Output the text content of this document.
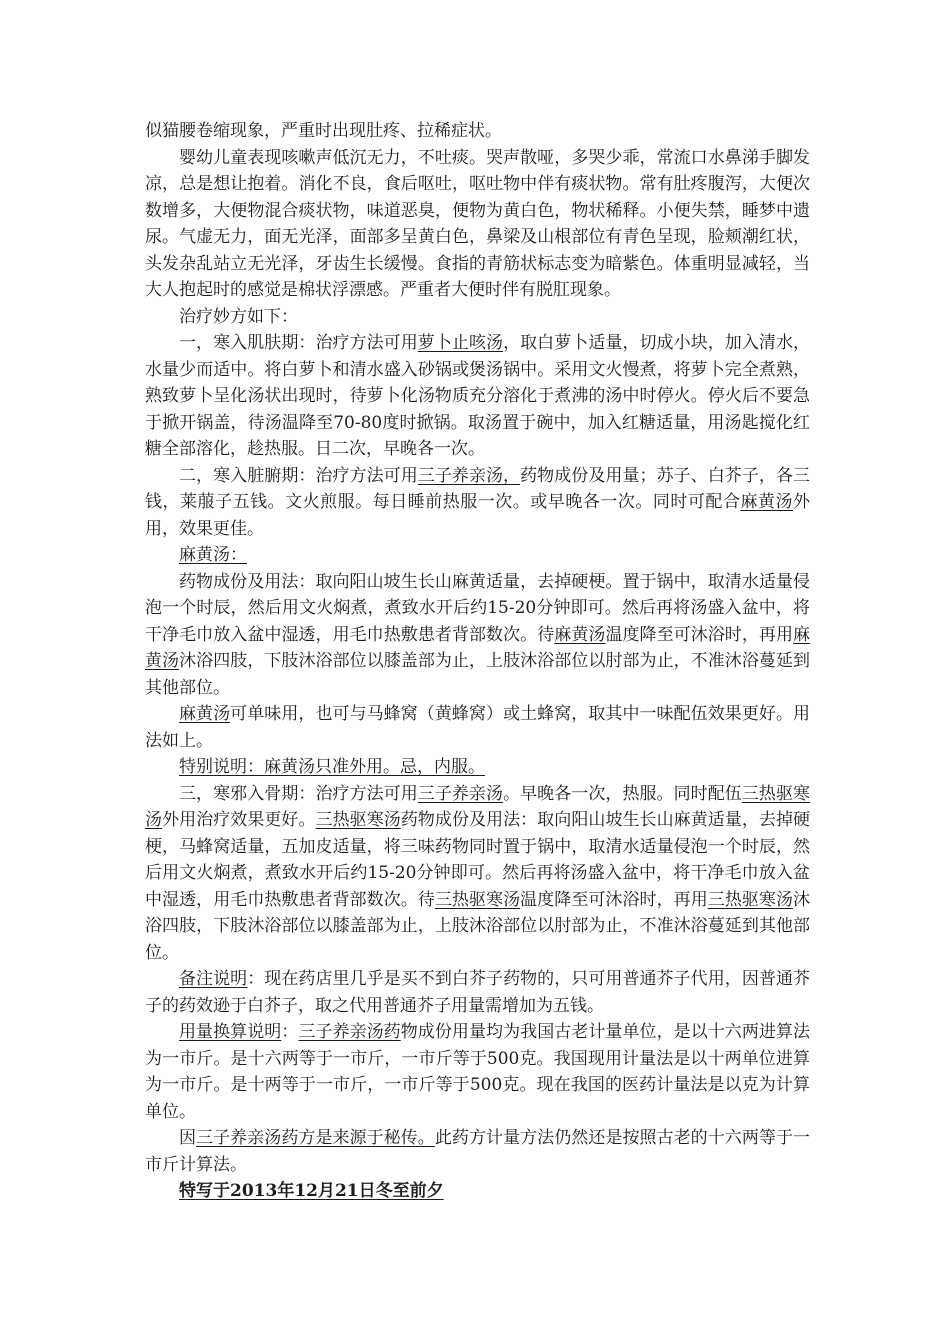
似猫腰卷缩现象，严重时出现肚疼、拉稀症状。

婴幼儿童表现咳嗽声低沉无力，不吐痰。哭声散哑，多哭少乖，常流口水鼻涕手脚发凉，总是想让抱着。消化不良，食后呕吐，呕吐物中伴有痰状物。常有肚疼腹泻，大便次数增多，大便物混合痰状物，味道恶臭，便物为黄白色，物状稀释。小便失禁，睡梦中遗尿。气虚无力，面无光泽，面部多呈黄白色，鼻梁及山根部位有青色呈现，脸颊潮红状，头发杂乱站立无光泽，牙齿生长缓慢。食指的青筋状标志变为暗紫色。体重明显减轻，当大人抱起时的感觉是棉状浮漂感。严重者大便时伴有脱肛现象。

治疗妙方如下：

一，寒入肌肤期：治疗方法可用萝卜止咳汤，取白萝卜适量，切成小块，加入清水，水量少而适中。将白萝卜和清水盛入砂锅或煲汤锅中。采用文火慢煮，将萝卜完全煮熟，熟致萝卜呈化汤状出现时，待萝卜化汤物质充分溶化于煮沸的汤中时停火。停火后不要急于掀开锅盖，待汤温降至70-80度时掀锅。取汤置于碗中，加入红糖适量，用汤匙搅化红糖全部溶化，趁热服。日二次，早晚各一次。

二，寒入脏腑期：治疗方法可用三子养亲汤，药物成份及用量；苏子、白芥子，各三钱，莱菔子五钱。文火煎服。每日睡前热服一次。或早晚各一次。同时可配合麻黄汤外用，效果更佳。

麻黄汤：

药物成份及用法：取向阳山坡生长山麻黄适量，去掉硬梗。置于锅中，取清水适量侵泡一个时辰，然后用文火焖煮，煮致水开后约15-20分钟即可。然后再将汤盛入盆中，将干净毛巾放入盆中湿透，用毛巾热敷患者背部数次。待麻黄汤温度降至可沐浴时，再用麻黄汤沐浴四肢，下肢沐浴部位以膝盖部为止，上肢沐浴部位以肘部为止，不准沐浴蔓延到其他部位。

麻黄汤可单味用，也可与马蜂窝（黄蜂窝）或土蜂窝，取其中一味配伍效果更好。用法如上。

特别说明：麻黄汤只准外用。忌，内服。

三，寒邪入骨期：治疗方法可用三子养亲汤。早晚各一次，热服。同时配伍三热驱寒汤外用治疗效果更好。三热驱寒汤药物成份及用法：取向阳山坡生长山麻黄适量，去掉硬梗，马蜂窝适量，五加皮适量，将三味药物同时置于锅中，取清水适量侵泡一个时辰，然后用文火焖煮，煮致水开后约15-20分钟即可。然后再将汤盛入盆中，将干净毛巾放入盆中湿透，用毛巾热敷患者背部数次。待三热驱寒汤温度降至可沐浴时，再用三热驱寒汤沐浴四肢，下肢沐浴部位以膝盖部为止，上肢沐浴部位以肘部为止，不准沐浴蔓延到其他部位。

备注说明：现在药店里几乎是买不到白芥子药物的，只可用普通芥子代用，因普通芥子的药效逊于白芥子，取之代用普通芥子用量需增加为五钱。

用量换算说明：三子养亲汤药物成份用量均为我国古老计量单位，是以十六两进算法为一市斤。是十六两等于一市斤，一市斤等于500克。我国现用计量法是以十两单位进算为一市斤。是十两等于一市斤，一市斤等于500克。现在我国的医药计量法是以克为计算单位。

因三子养亲汤药方是来源于秘传。此药方计量方法仍然还是按照古老的十六两等于一市斤计算法。

特写于2013年12月21日冬至前夕
